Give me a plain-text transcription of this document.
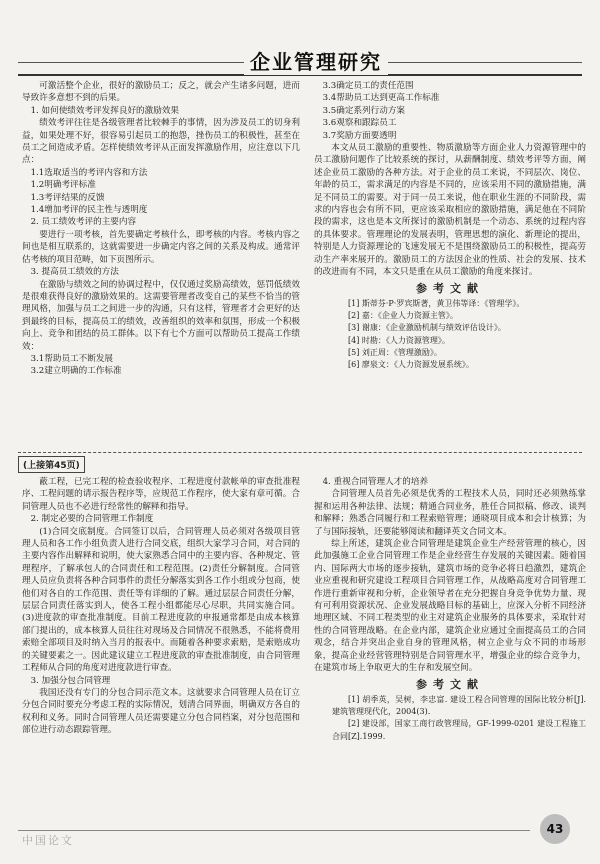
企业管理研究

可激活整个企业，很好的激励员工；反之，就会产生诸多问题，进而导致许多意想不到的后果。

1. 如何使绩效考评发挥良好的激励效果

绩效考评往往是各级管理者比较棘手的事情，因为涉及员工的切身利益，如果处理不好，很容易引起员工的抱怨，挫伤员工的积极性，甚至在员工之间造成矛盾。怎样使绩效考评从正面发挥激励作用，应注意以下几点：

1.1选取适当的考评内容和方法

1.2明确考评标准

1.3考评结果的反馈

1.4增加考评的民主性与透明度

2. 员工绩效考评的主要内容

要进行一项考核，首先要确定考核什么，即考核的内容。考核内容之间也是相互联系的，这就需要进一步确定内容之间的关系及构成。通常评估考核的项目范畴，如下页图所示。

3. 提高员工绩效的方法

在激励与绩效之间的协调过程中，仅仅通过奖励高绩效，惩罚低绩效是很难获得良好的激励效果的。这需要管理者改变自己的某些不恰当的管理风格，加强与员工之间进一步的沟通，只有这样，管理者才会更好的达到最终的目标，提高员工的绩效，改善组织的效率和氛围，形成一个积极向上、竞争和团结的员工群体。以下有七个方面可以帮助员工提高工作绩效：

3.1帮助员工不断发展

3.2建立明确的工作标准

3.3确定员工的责任范围

3.4帮助员工达到更高工作标准

3.5确定系列行动方案

3.6观察和跟踪员工

3.7奖励方面要透明

本文从员工激励的重要性、物质激励等方面企业人力资源管理中的员工激励问题作了比较系统的探讨，从薪酬制度、绩效考评等方面，阐述企业员工激励的各种方法。对于企业的员工来说，不同层次、岗位、年龄的员工，需求满足的内容是不同的，应该采用不同的激励措施，满足不同员工的需要。对于同一员工来说，他在职业生涯的不同阶段，需求的内容也会有所不同，更应该采取相应的激励措施，满足他在不同阶段的需求，这也是本文所探讨的激励机制是一个动态、系统的过程内容的具体要求。管理理论的发展表明，管理思想的演化、新理论的提出，特别是人力资源理论的飞速发展无不是围绕激励员工的积极性，提高劳动生产率来展开的。激励员工的方法因企业的性质、社会的发展、技术的改进而有不同，本文只是重在从员工激励的角度来探讨。

参考文献

[1] 斯蒂芬·P·罗宾斯著，黄卫伟等译：《管理学》。

[2] 嘉：《企业人力资源主管》。

[3] 谢康：《企业激励机制与绩效评估设计》。

[4] 时勘：《人力资源管理》。

[5] 刘正周：《管理激励》。

[6] 廖泉文：《人力资源发展系统》。

(上接第45页)

蔽工程，已完工程的检查验收程序、工程进度付款帐单的审查批准程序、工程问题的请示报告程序等，应规范工作程序，使大家有章可循。合同管理人员也不必进行经常性的解释和指导。

2. 制定必要的合同管理工作制度

(1)合同交底制度。合同签订以后，合同管理人员必须对各级项目管理人员和各工作小组负责人进行合同交底，组织大家学习合同，对合同的主要内容作出解释和说明，使大家熟悉合同中的主要内容、各种规定、管理程序，了解承包人的合同责任和工程范围。(2)责任分解制度。合同管理人员应负责将各种合同事件的责任分解落实到各工作小组或分包商，使他们对各自的工作范围、责任等有详细的了解。通过层层合同责任分解，层层合同责任落实到人，使各工程小组都能尽心尽职，共同实施合同。(3)进度款的审查批准制度。目前工程进度款的申报通常都是由成本核算部门提出的，成本核算人员往往对现场及合同情况不很熟悉，不能将费用索赔全部项目及时纳入当月的报表中。而随着各种要求索赔，是索赔成功的关键要素之一。因此建议建立工程进度款的审查批准制度，由合同管理工程师从合同的角度对进度款进行审查。

3. 加强分包合同管理

我国还没有专门的分包合同示范文本。这就要求合同管理人员在订立分包合同时要充分考虑工程的实际情况，划清合同界面，明确双方各自的权利和义务。同时合同管理人员还需要建立分包合同档案，对分包范围和部位进行动态跟踪管理。

4. 重视合同管理人才的培养

合同管理人员首先必须是优秀的工程技术人员，同时还必须熟练掌握和运用各种法律、法规；精通合同业务，胜任合同拟稿、修改、谈判和解释；熟悉合同履行和工程索赔管理；通晓项目成本和会计核算；为了与国际接轨，还要能够阅读和翻译英文合同文本。

综上所述，建筑企业合同管理是建筑企业生产经营管理的核心，因此加强施工企业合同管理工作是企业经营生存发展的关键因素。随着国内、国际两大市场的逐步接轨，建筑市场的竞争必将日趋激烈，建筑企业应重视和研究建设工程项目合同管理工作，从战略高度对合同管理工作进行重新审视和分析，企业领导者在充分把握自身竞争优势力量、现有可利用资源状况、企业发展战略目标的基础上，应深入分析不同经济地理区域、不同工程类型的业主对建筑企业服务的具体要求，采取针对性的合同管理战略。在企业内部，建筑企业应通过全面提高员工的合同观念，结合并突出企业自身的管理风格，树立企业与众不同的市场形象，提高企业经营管理特别是合同管理水平，增强企业的综合竞争力，在建筑市场上争取更大的生存和发展空间。

参考文献

[1] 胡季英，吴树，李忠富. 建设工程合同管理的国际比较分析[J].建筑管理现代化，2004(3).

[2] 建设部，国家工商行政管理局，GF-1999-0201 建设工程施工合同[Z].1999.

中国论文
43
